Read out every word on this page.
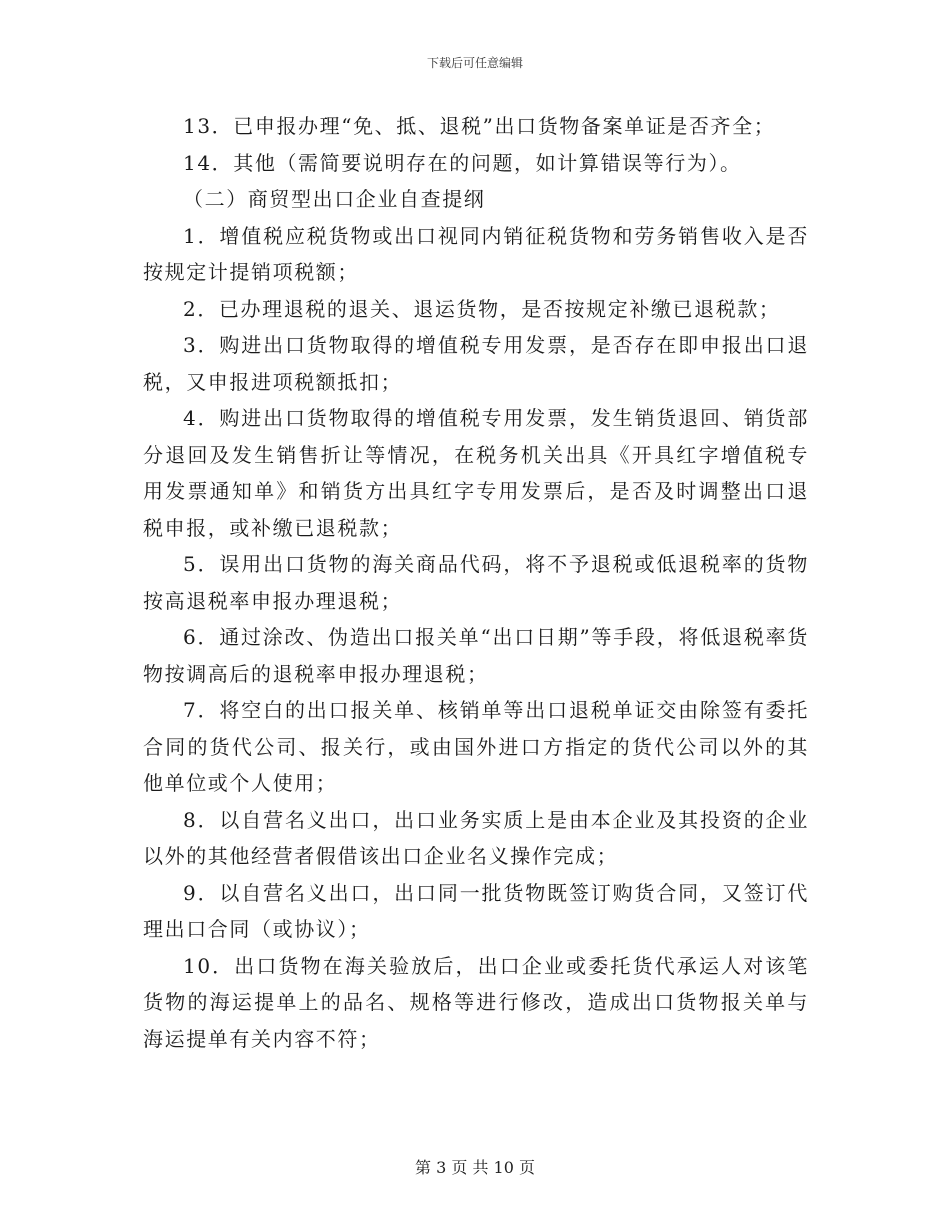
下载后可任意编辑

13．已申报办理“免、抵、退税”出口货物备案单证是否齐全；

14．其他（需简要说明存在的问题，如计算错误等行为）。

（二）商贸型出口企业自查提纲

1．增值税应税货物或出口视同内销征税货物和劳务销售收入是否按规定计提销项税额；

2．已办理退税的退关、退运货物，是否按规定补缴已退税款；

3．购进出口货物取得的增值税专用发票，是否存在即申报出口退税，又申报进项税额抵扣；

4．购进出口货物取得的增值税专用发票，发生销货退回、销货部分退回及发生销售折让等情况，在税务机关出具《开具红字增值税专用发票通知单》和销货方出具红字专用发票后，是否及时调整出口退税申报，或补缴已退税款；

5．误用出口货物的海关商品代码，将不予退税或低退税率的货物按高退税率申报办理退税；

6．通过涂改、伪造出口报关单“出口日期”等手段，将低退税率货物按调高后的退税率申报办理退税；

7．将空白的出口报关单、核销单等出口退税单证交由除签有委托合同的货代公司、报关行，或由国外进口方指定的货代公司以外的其他单位或个人使用；

8．以自营名义出口，出口业务实质上是由本企业及其投资的企业以外的其他经营者假借该出口企业名义操作完成；

9．以自营名义出口，出口同一批货物既签订购货合同，又签订代理出口合同（或协议）；

10．出口货物在海关验放后，出口企业或委托货代承运人对该笔货物的海运提单上的品名、规格等进行修改，造成出口货物报关单与海运提单有关内容不符；

第 3 页 共 10 页
